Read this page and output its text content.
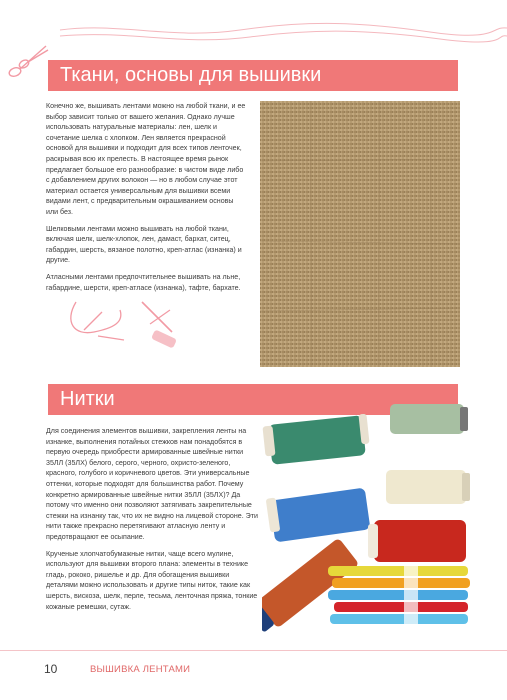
Ткани, основы для вышивки

Конечно же, вышивать лентами можно на любой ткани, и ее выбор зависит только от вашего желания. Однако лучше использовать натуральные материалы: лен, шелк и сочетание шелка с хлопком. Лен является прекрасной основой для вышивки и подходит для всех типов ленточек, раскрывая всю их прелесть. В настоящее время рынок предлагает большое его разнообразие: в чистом виде либо с добавлением других волокон — но в любом случае этот материал остается универсальным для вышивки всеми видами лент, с предварительным окрашиванием основы или без.

Шелковыми лентами можно вышивать на любой ткани, включая шелк, шелк-хлопок, лен, дамаст, бархат, ситец, габардин, шерсть, вязаное полотно, креп-атлас (изнанка) и другие.

Атласными лентами предпочтительнее вышивать на льне, габардине, шерсти, креп-атласе (изнанка), тафте, бархате.

Нитки

Для соединения элементов вышивки, закрепления ленты на изнанке, выполнения потайных стежков нам понадобятся в первую очередь приобрести армированные швейные нитки 35ЛЛ (35ЛХ) белого, серого, черного, охристо-зеленого, красного, голубого и коричневого цветов. Эти универсальные оттенки, которые подходят для большинства работ. Почему конкретно армированные швейные нитки 35ЛЛ (35ЛХ)? Да потому что именно они позволяют затягивать закрепительные стежки на изнанку так, что их не видно на лицевой стороне. Эти нити также прекрасно перетягивают атласную ленту и предотвращают ее осыпание.

Крученые хлопчатобумажные нитки, чаще всего мулине, используют для вышивки второго плана: элементы в технике гладь, рококо, ришелье и др. Для обогащения вышивки деталями можно использовать и другие типы ниток, такие как шерсть, вискоза, шелк, перле, тесьма, ленточная пряжа, тонкие кожаные ремешки, сутаж.

10	ВЫШИВКА ЛЕНТАМИ
